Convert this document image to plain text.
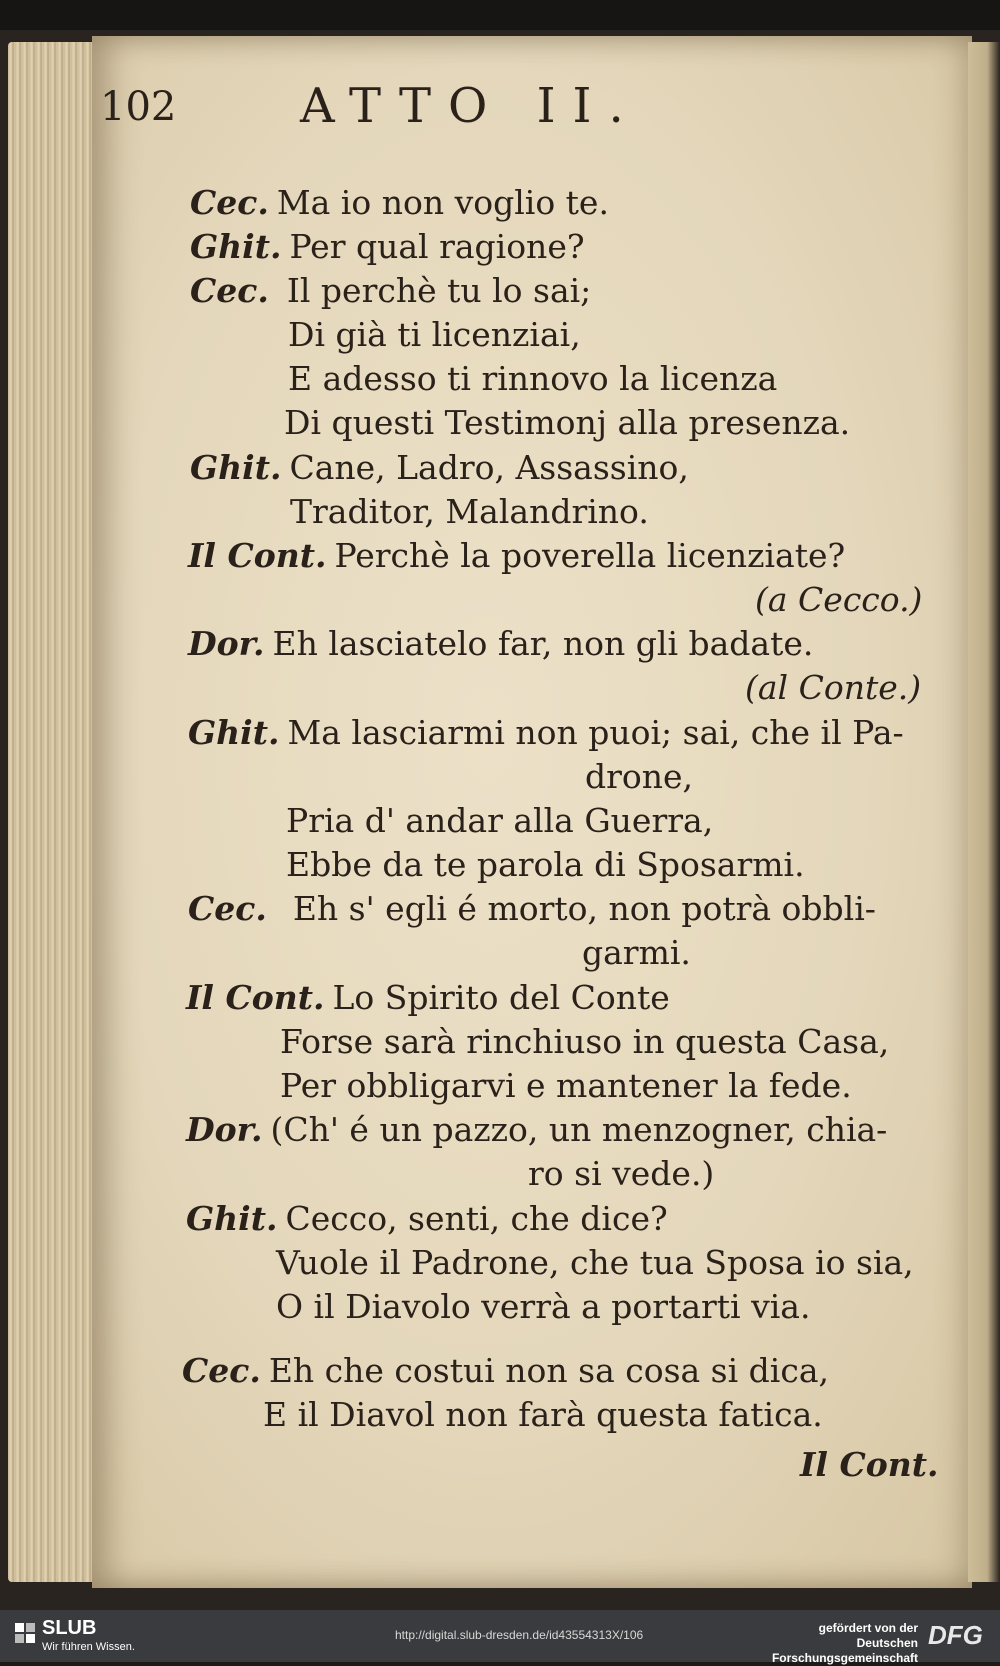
102	ATTO II.
Cec. Ma io non voglio te.
Ghit. Per qual ragione?
Cec. Il perchè tu lo sai;
Di già ti licenziai,
E adesso ti rinnovo la licenza
Di questi Testimonj alla presenza.
Ghit. Cane, Ladro, Assassino,
Traditor, Malandrino.
Il Cont. Perchè la poverella licenziate?
(a Cecco.)
Dor. Eh lasciatelo far, non gli badate.
(al Conte.)
Ghit. Ma lasciarmi non puoi; sai, che il Pa-
drone,
Pria d' andar alla Guerra,
Ebbe da te parola di Sposarmi.
Cec. Eh s' egli é morto, non potrà obbli-
garmi.
Il Cont. Lo Spirito del Conte
Forse sarà rinchiuso in questa Casa,
Per obbligarvi e mantener la fede.
Dor. (Ch' é un pazzo, un menzogner, chia-
ro si vede.)
Ghit. Cecco, senti, che dice?
Vuole il Padrone, che tua Sposa io sia,
O il Diavolo verrà a portarti via.
Cec. Eh che costui non sa cosa si dica,
E il Diavol non farà questa fatica.
Il Cont.
SLUB
Wir führen Wissen.
http://digital.slub-dresden.de/id43554313X/106	gefördert von der
Deutschen Forschungsgemeinschaft
DFG
